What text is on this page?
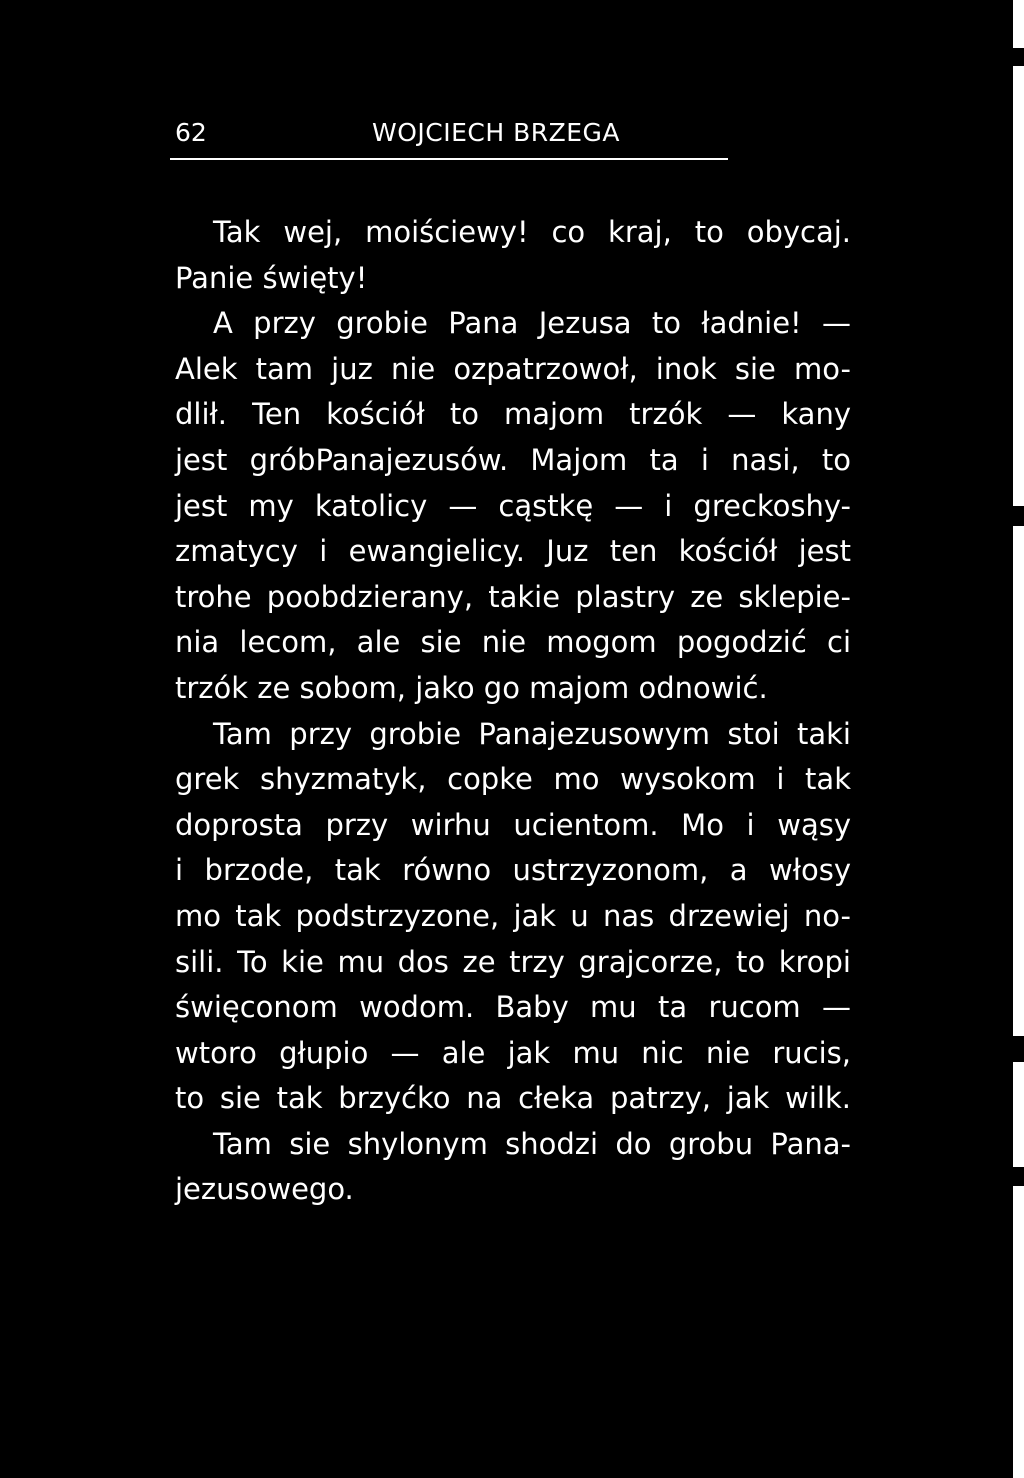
62	WOJCIECH BRZEGA
Tak wej, moiściewy! co kraj, to obycaj.
Panie święty!
A przy grobie Pana Jezusa to ładnie! —
Alek tam juz nie ozpatrzowoł, inok sie mo-
dlił. Ten kościół to majom trzók — kany
jest gróbPanajezusów. Majom ta i nasi, to
jest my katolicy — cąstkę — i greckoshy-
zmatycy i ewangielicy. Juz ten kościół jest
trohe poobdzierany, takie plastry ze sklepie-
nia lecom, ale sie nie mogom pogodzić ci
trzók ze sobom, jako go majom odnowić.
Tam przy grobie Panajezusowym stoi taki
grek shyzmatyk, copke mo wysokom i tak
doprosta przy wirhu ucientom. Mo i wąsy
i brzode, tak równo ustrzyzonom, a włosy
mo tak podstrzyzone, jak u nas drzewiej no-
sili. To kie mu dos ze trzy grajcorze, to kropi
święconom wodom. Baby mu ta rucom —
wtoro głupio — ale jak mu nic nie rucis,
to sie tak brzyćko na cłeka patrzy, jak wilk.
Tam sie shylonym shodzi do grobu Pana-
jezusowego.
